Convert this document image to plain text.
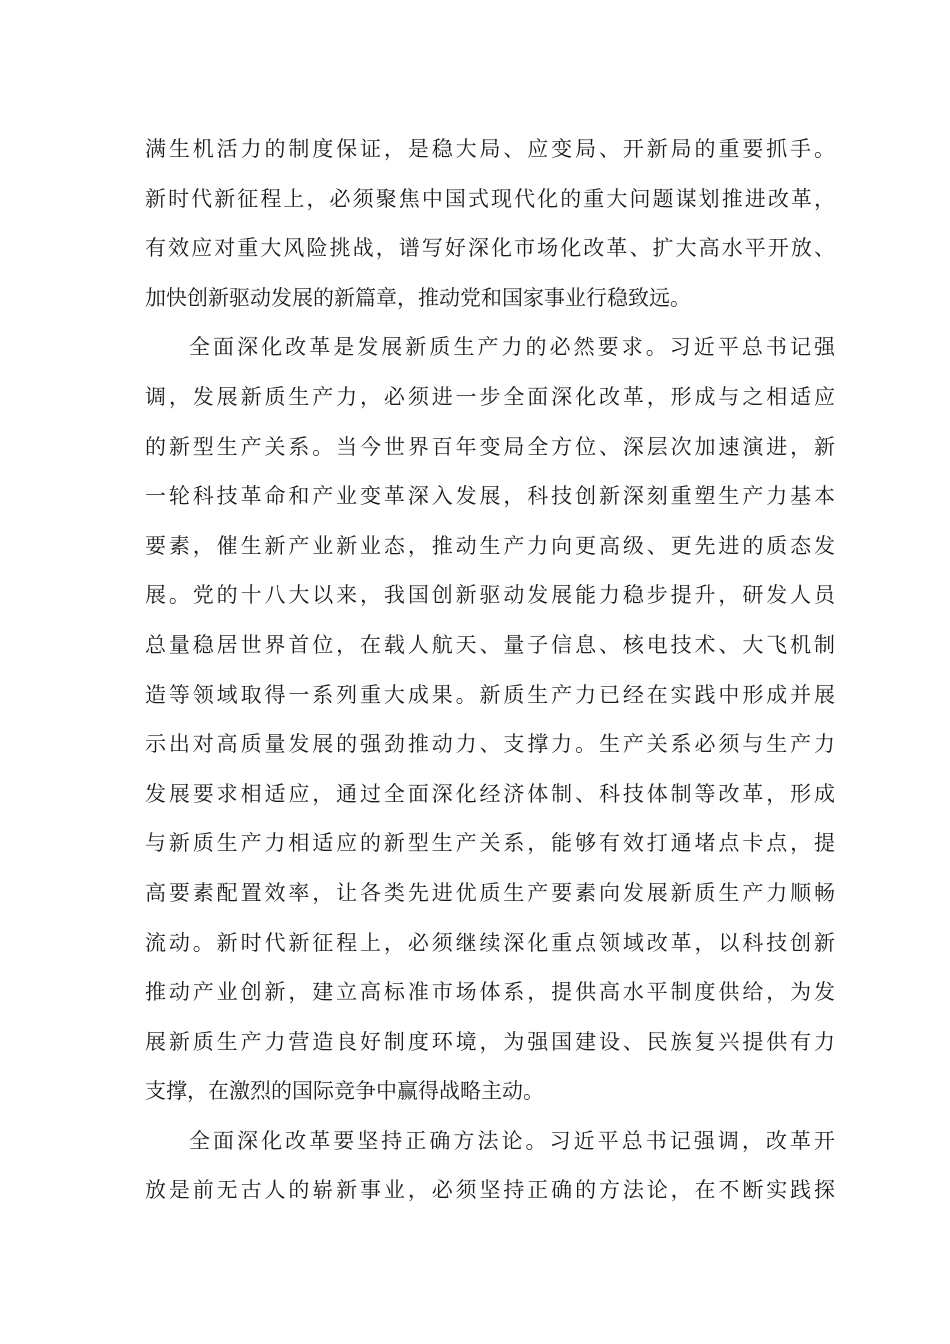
满生机活力的制度保证，是稳大局、应变局、开新局的重要抓手。
新时代新征程上，必须聚焦中国式现代化的重大问题谋划推进改革，
有效应对重大风险挑战，谱写好深化市场化改革、扩大高水平开放、
加快创新驱动发展的新篇章，推动党和国家事业行稳致远。
全面深化改革是发展新质生产力的必然要求。习近平总书记强
调，发展新质生产力，必须进一步全面深化改革，形成与之相适应
的新型生产关系。当今世界百年变局全方位、深层次加速演进，新
一轮科技革命和产业变革深入发展，科技创新深刻重塑生产力基本
要素，催生新产业新业态，推动生产力向更高级、更先进的质态发
展。党的十八大以来，我国创新驱动发展能力稳步提升，研发人员
总量稳居世界首位，在载人航天、量子信息、核电技术、大飞机制
造等领域取得一系列重大成果。新质生产力已经在实践中形成并展
示出对高质量发展的强劲推动力、支撑力。生产关系必须与生产力
发展要求相适应，通过全面深化经济体制、科技体制等改革，形成
与新质生产力相适应的新型生产关系，能够有效打通堵点卡点，提
高要素配置效率，让各类先进优质生产要素向发展新质生产力顺畅
流动。新时代新征程上，必须继续深化重点领域改革，以科技创新
推动产业创新，建立高标准市场体系，提供高水平制度供给，为发
展新质生产力营造良好制度环境，为强国建设、民族复兴提供有力
支撑，在激烈的国际竞争中赢得战略主动。
全面深化改革要坚持正确方法论。习近平总书记强调，改革开
放是前无古人的崭新事业，必须坚持正确的方法论，在不断实践探
